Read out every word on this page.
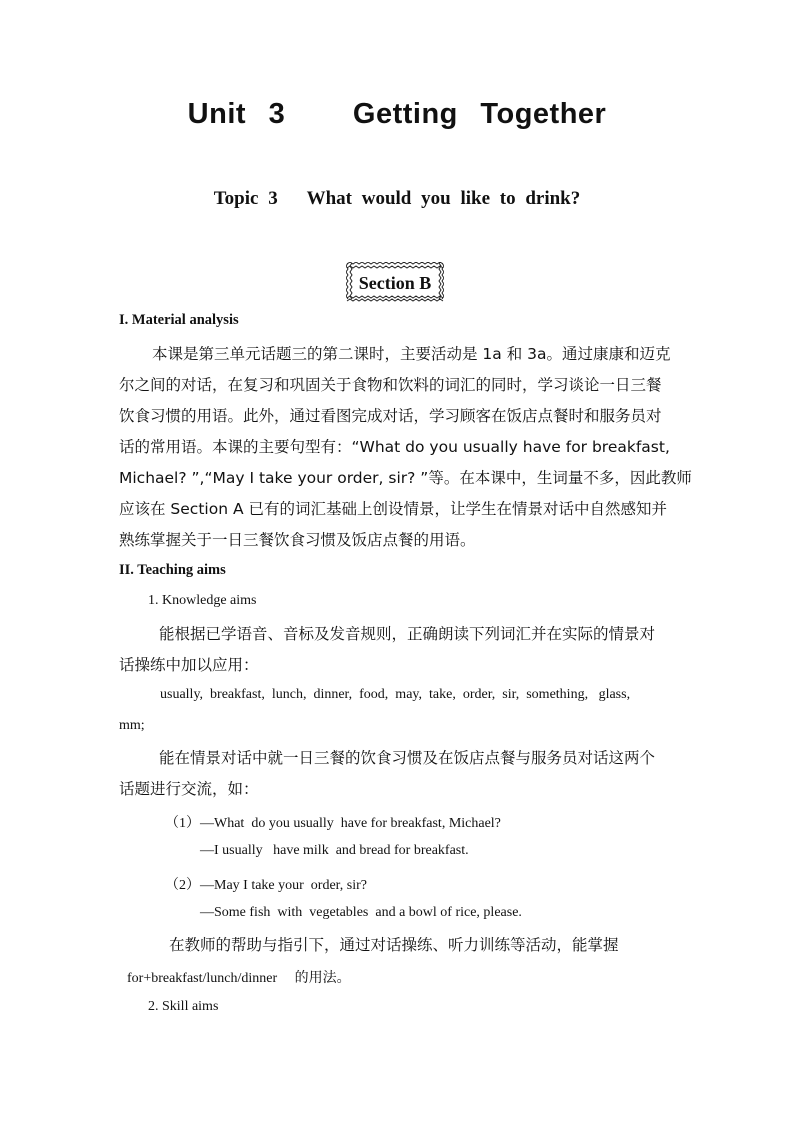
Unit 3   Getting Together
Topic 3   What would you like to drink?
Section B
I. Material analysis
本课是第三单元话题三的第二课时，主要活动是 1a 和 3a。通过康康和迈克
尔之间的对话，在复习和巩固关于食物和饮料的词汇的同时，学习谈论一日三餐
饮食习惯的用语。此外，通过看图完成对话，学习顾客在饭店点餐时和服务员对
话的常用语。本课的主要句型有：“What do you usually have for breakfast,
Michael? ”,“May I take your order, sir? ”等。在本课中，生词量不多，因此教师
应该在 Section A 已有的词汇基础上创设情景，让学生在情景对话中自然感知并
熟练掌握关于一日三餐饮食习惯及饭店点餐的用语。
II. Teaching aims
1. Knowledge aims
能根据已学语音、音标及发音规则，正确朗读下列词汇并在实际的情景对
话操练中加以应用：
usually,  breakfast,  lunch,  dinner,  food,  may,  take,  order,  sir,  something,   glass,
mm;
能在情景对话中就一日三餐的饮食习惯及在饭店点餐与服务员对话这两个
话题进行交流，如：
（1）—What  do you usually  have for breakfast, Michael?
—I usually   have milk  and bread for breakfast.
（2）—May I take your  order, sir?
—Some fish  with  vegetables  and a bowl of rice, please.
在教师的帮助与指引下，通过对话操练、听力训练等活动，能掌握
for+breakfast/lunch/dinner     的用法。
2. Skill aims
